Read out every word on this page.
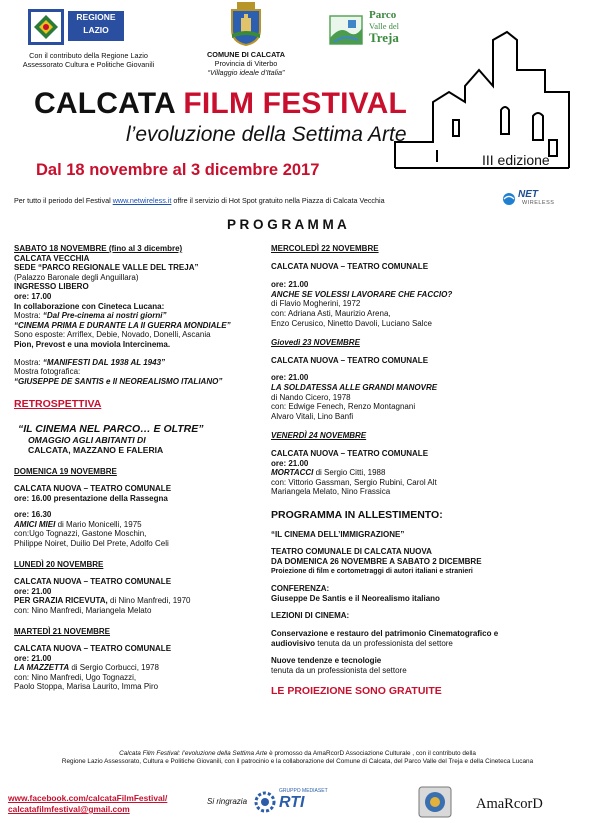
REGIONE
LAZIO
Con il contributo della Regione Lazio
Assessorato Cultura e Politiche Giovanili
COMUNE DI CALCATA
Provincia di Viterbo
“Villaggio ideale d’Italia”
Parco
Valle del
Treja
CALCATA FILM FESTIVAL
l’evoluzione della Settima Arte
Dal 18 novembre al 3 dicembre 2017
III edizione
Per tutto il periodo del Festival www.netwireless.it offre il servizio di Hot Spot gratuito nella Piazza di Calcata Vecchia
NET
WIRELESS
P R O G R A M M A
SABATO 18 NOVEMBRE (fino al 3 dicembre)
CALCATA VECCHIA
SEDE “PARCO REGIONALE VALLE DEL TREJA”
(Palazzo Baronale degli Anguillara)
INGRESSO LIBERO
ore: 17.00
In collaborazione con Cineteca Lucana:
Mostra: “Dal Pre-cinema ai nostri giorni”
“CINEMA PRIMA E DURANTE LA II GUERRA MONDIALE”
Sono esposte: Arriflex, Debie, Novado, Donelli, Ascania
Pion, Prevost e una moviola Intercinema.
Mostra: “MANIFESTI DAL 1938 AL 1943”
Mostra fotografica:
“GIUSEPPE DE SANTIS e Il NEOREALISMO ITALIANO”
RETROSPETTIVA
“IL CINEMA NEL PARCO… E OLTRE”
OMAGGIO AGLI ABITANTI DI
CALCATA, MAZZANO E FALERIA
DOMENICA 19 NOVEMBRE
CALCATA NUOVA – TEATRO COMUNALE
ore: 16.00 presentazione della Rassegna
ore: 16.30
AMICI MIEI di Mario Monicelli, 1975
con:Ugo Tognazzi, Gastone Moschin,
Philippe Noiret, Duilio Del Prete, Adolfo Celi
LUNEDÌ 20 NOVEMBRE
CALCATA NUOVA – TEATRO COMUNALE
ore: 21.00
PER GRAZIA RICEVUTA, di Nino Manfredi, 1970
con: Nino Manfredi, Mariangela Melato
MARTEDÌ 21 NOVEMBRE
CALCATA NUOVA – TEATRO COMUNALE
ore: 21.00
LA MAZZETTA di Sergio Corbucci, 1978
con: Nino Manfredi, Ugo Tognazzi,
Paolo Stoppa, Marisa Laurito, Imma Piro
MERCOLEDÌ 22 NOVEMBRE
CALCATA NUOVA – TEATRO COMUNALE
ore: 21.00
ANCHE SE VOLESSI LAVORARE CHE FACCIO?
di Flavio Mogherini, 1972
con: Adriana Asti, Maurizio Arena,
Enzo Cerusico, Ninetto Davoli, Luciano Salce
Giovedì 23 NOVEMBRE
CALCATA NUOVA – TEATRO COMUNALE
ore: 21.00
LA SOLDATESSA ALLE GRANDI MANOVRE
di Nando Cicero, 1978
con: Edwige Fenech, Renzo Montagnani
Alvaro Vitali, Lino Banfi
VENERDÌ 24 NOVEMBRE
CALCATA NUOVA – TEATRO COMUNALE
ore: 21.00
MORTACCI di Sergio Citti, 1988
con: Vittorio Gassman, Sergio Rubini, Carol Alt
Mariangela Melato, Nino Frassica
PROGRAMMA IN ALLESTIMENTO:
“IL CINEMA DELL’IMMIGRAZIONE”
TEATRO COMUNALE DI CALCATA NUOVA
DA DOMENICA 26 NOVEMBRE A SABATO 2 DICEMBRE
Proiezione di film e cortometraggi di autori italiani e stranieri
CONFERENZA:
Giuseppe De Santis e il Neorealismo italiano
LEZIONI DI CINEMA:
Conservazione e restauro del patrimonio Cinematografico e
audiovisivo tenuta da un professionista del settore
Nuove tendenze e tecnologie
tenuta da un professionista del settore
LE PROIEZIONE SONO GRATUITE
Calcata Film Festival: l’evoluzione della Settima Arte è promosso da AmaRcorD Associazione Culturale , con il contributo della
Regione Lazio Assessorato, Cultura e Politiche Giovanili, con il patrocinio e la collaborazione del Comune di Calcata, del Parco Valle del Treja e della Cineteca Lucana
www.facebook.com/calcataFilmFestival/
calcatafilmfestival@gmail.com
Si ringrazia
GRUPPO MEDIASET
RTI	AmaRcorD
